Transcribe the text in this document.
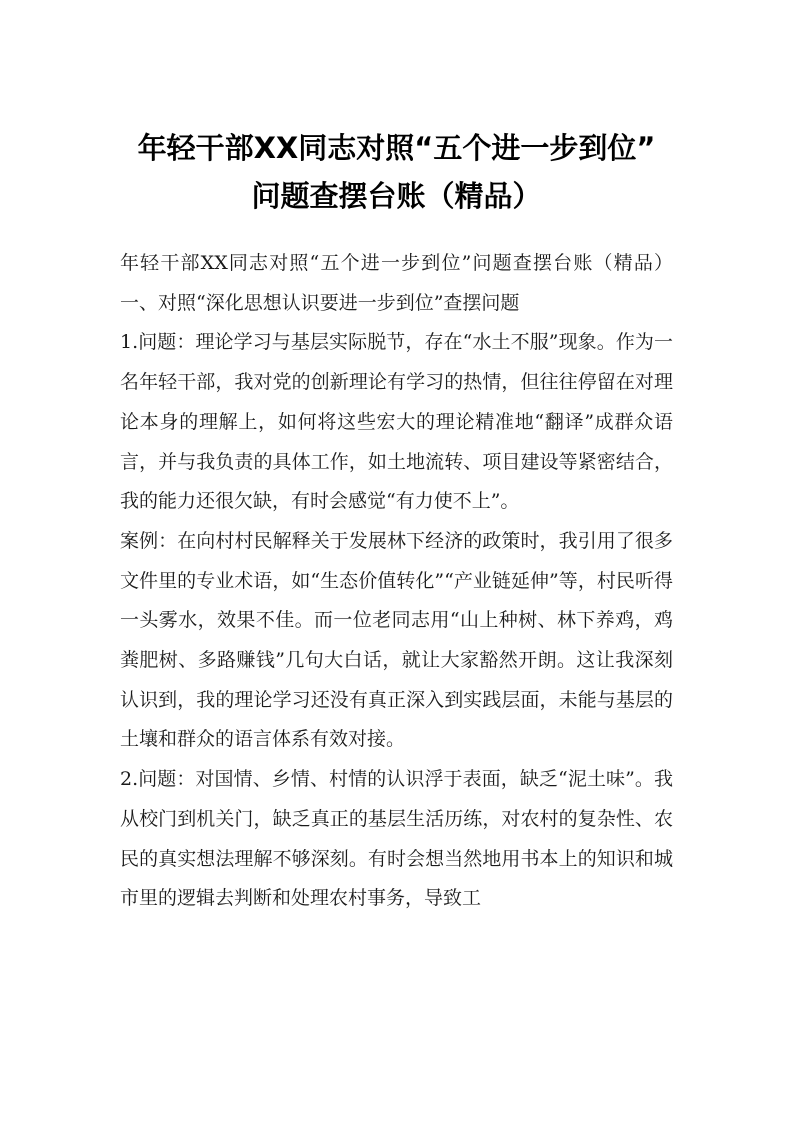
年轻干部XX同志对照“五个进一步到位”
问题查摆台账（精品）

年轻干部XX同志对照“五个进一步到位”问题查摆台账（精品）一、对照“深化思想认识要进一步到位”查摆问题

1.问题：理论学习与基层实际脱节，存在“水土不服”现象。作为一名年轻干部，我对党的创新理论有学习的热情，但往往停留在对理论本身的理解上，如何将这些宏大的理论精准地“翻译”成群众语言，并与我负责的具体工作，如土地流转、项目建设等紧密结合，我的能力还很欠缺，有时会感觉“有力使不上”。

案例：在向村村民解释关于发展林下经济的政策时，我引用了很多文件里的专业术语，如“生态价值转化”“产业链延伸”等，村民听得一头雾水，效果不佳。而一位老同志用“山上种树、林下养鸡，鸡粪肥树、多路赚钱”几句大白话，就让大家豁然开朗。这让我深刻认识到，我的理论学习还没有真正深入到实践层面，未能与基层的土壤和群众的语言体系有效对接。

2.问题：对国情、乡情、村情的认识浮于表面，缺乏“泥土味”。我从校门到机关门，缺乏真正的基层生活历练，对农村的复杂性、农民的真实想法理解不够深刻。有时会想当然地用书本上的知识和城市里的逻辑去判断和处理农村事务，导致工
